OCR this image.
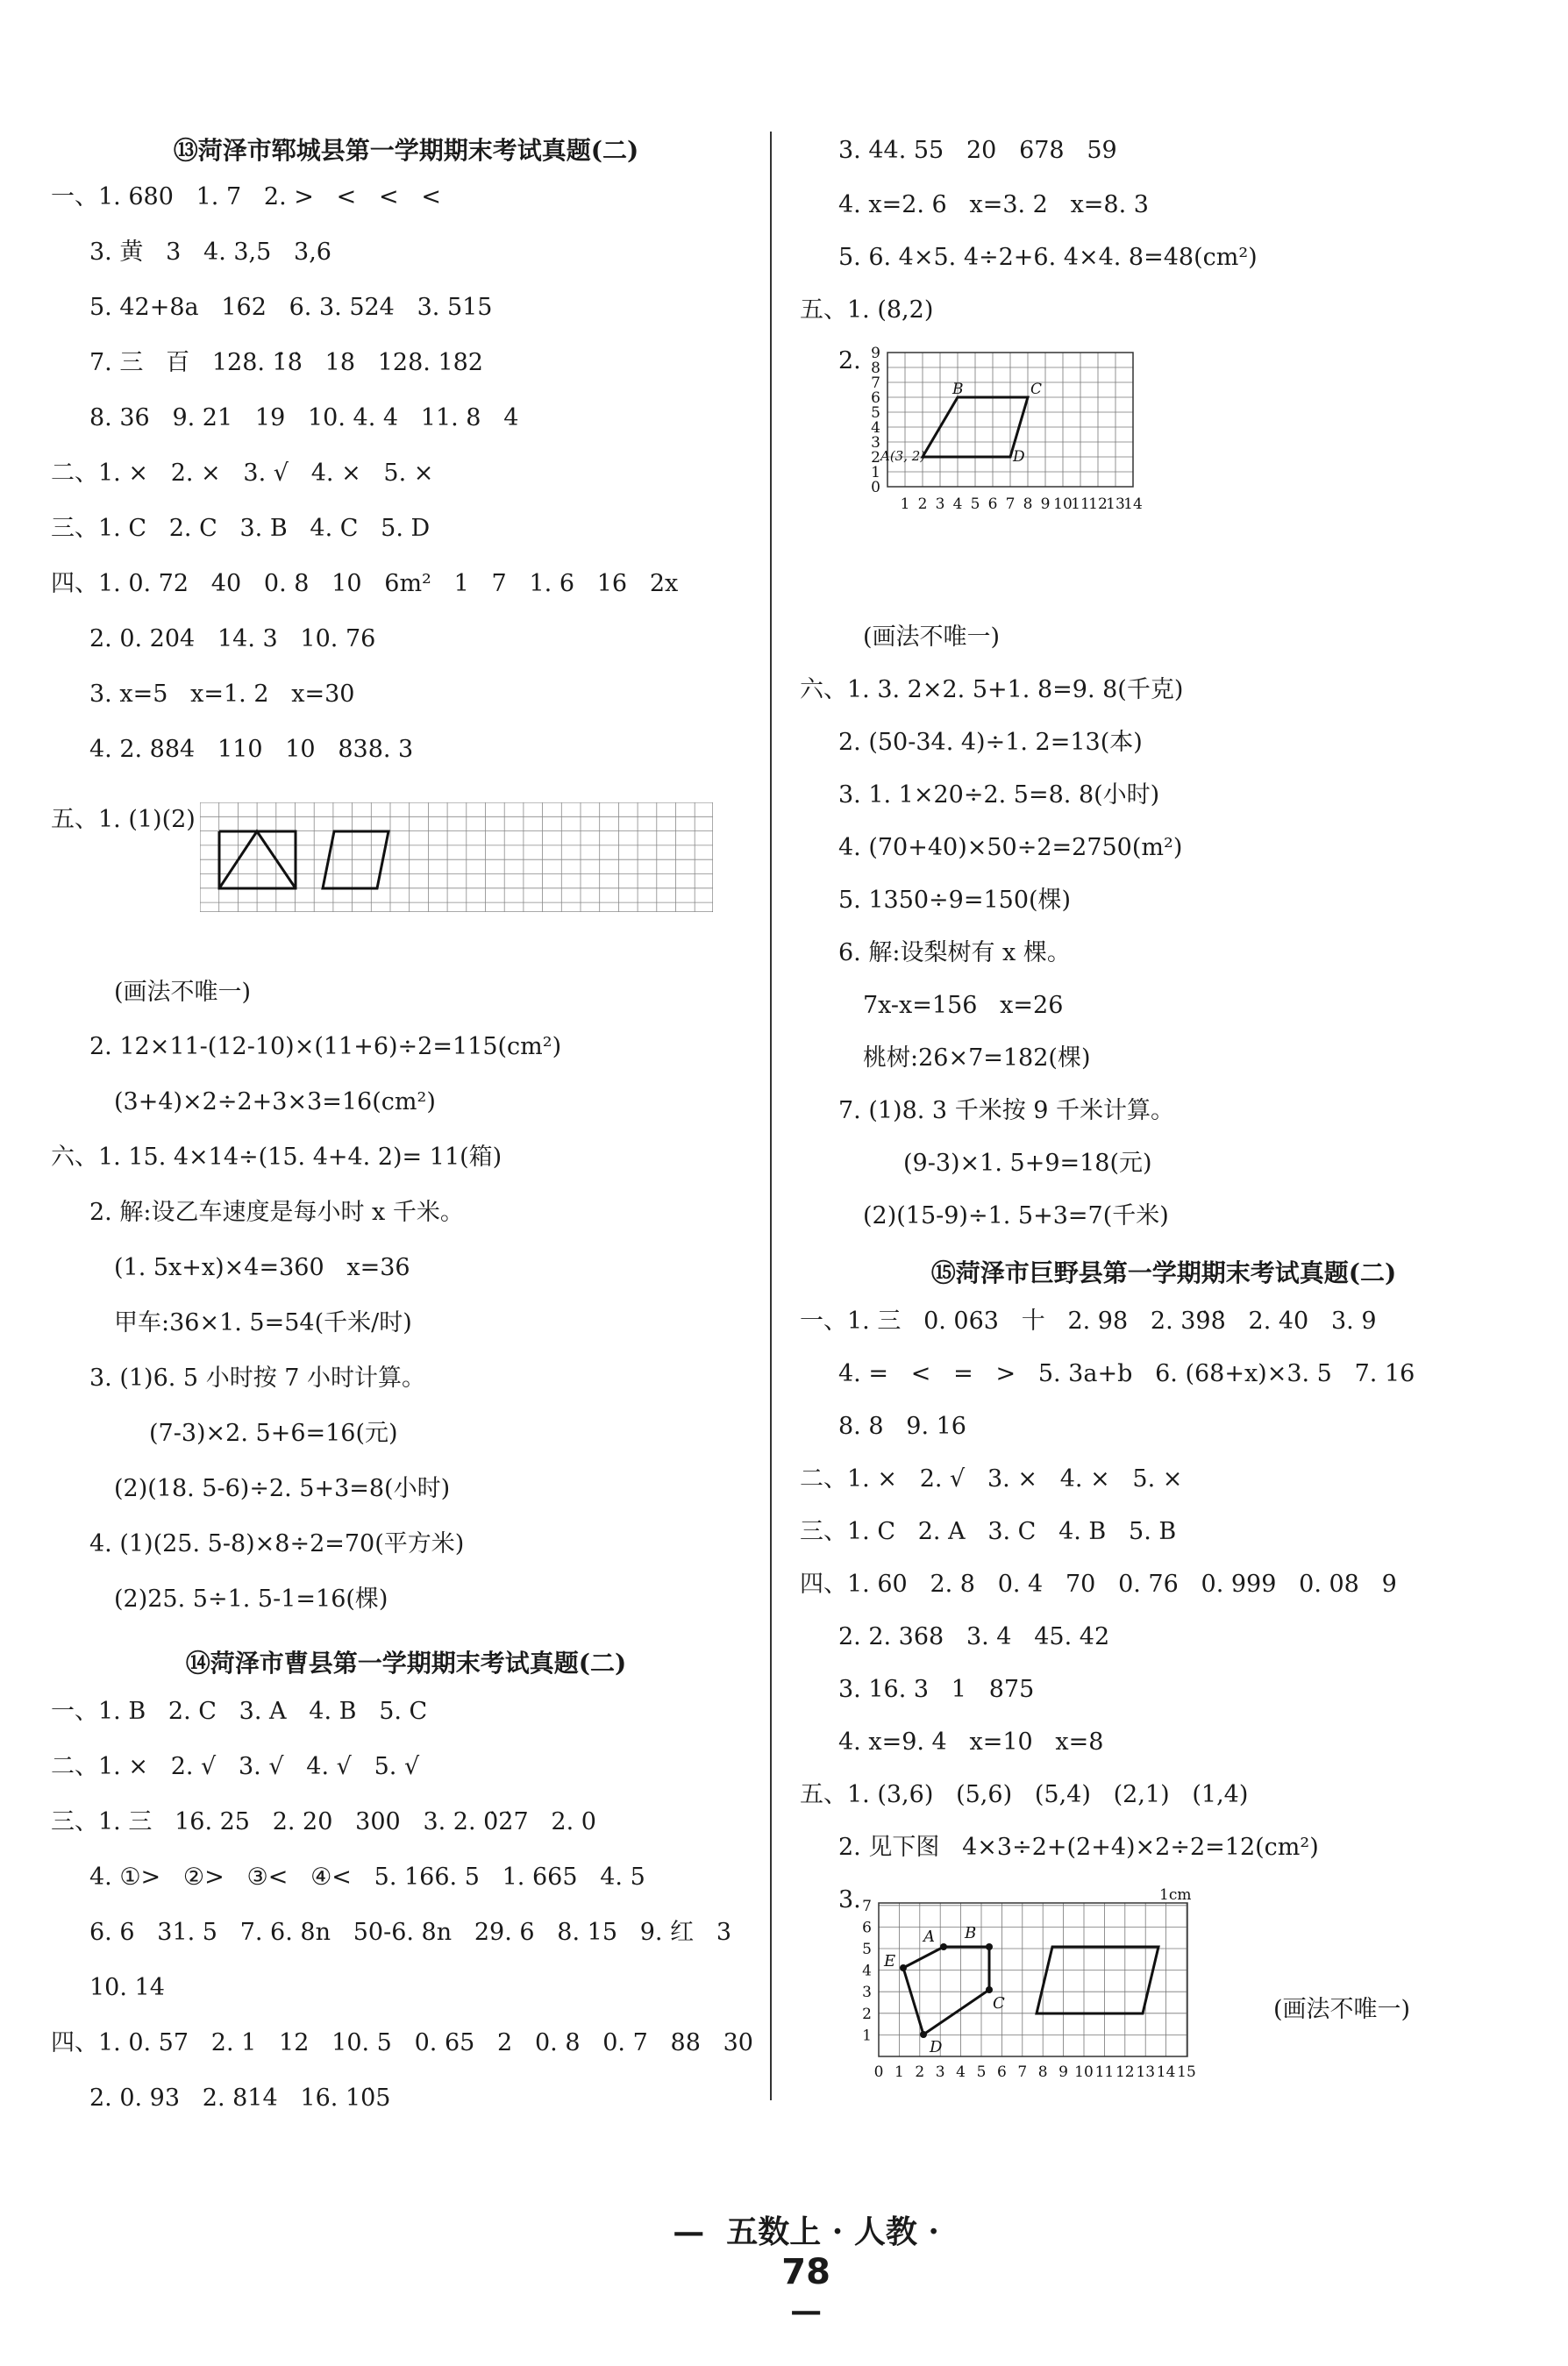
⑬菏泽市郓城县第一学期期末考试真题(二)
一、1. 680   1. 7   2. >   <   <   <
3. 黄   3   4. 3,5   3,6
5. 42+8a   162   6. 3. 524   3. 515
7. 三   百   128. 1̇8̇   18   128. 182
8. 36   9. 21   19   10. 4. 4   11. 8   4
二、1. ×   2. ×   3. √   4. ×   5. ×
三、1. C   2. C   3. B   4. C   5. D
四、1. 0. 72   40   0. 8   10   6m²   1   7   1. 6   16   2x
2. 0. 204   14. 3   10. 76
3. x=5   x=1. 2   x=30
4. 2. 884   110   10   838. 3
五、1. (1)(2)
(画法不唯一)
2. 12×11-(12-10)×(11+6)÷2=115(cm²)
(3+4)×2÷2+3×3=16(cm²)
六、1. 15. 4×14÷(15. 4+4. 2)= 11(箱)
2. 解:设乙车速度是每小时 x 千米。
(1. 5x+x)×4=360   x=36
甲车:36×1. 5=54(千米/时)
3. (1)6. 5 小时按 7 小时计算。
(7-3)×2. 5+6=16(元)
(2)(18. 5-6)÷2. 5+3=8(小时)
4. (1)(25. 5-8)×8÷2=70(平方米)
(2)25. 5÷1. 5-1=16(棵)
⑭菏泽市曹县第一学期期末考试真题(二)
一、1. B   2. C   3. A   4. B   5. C
二、1. ×   2. √   3. √   4. √   5. √
三、1. 三   16. 25   2. 20   300   3. 2. 0̇2̇7   2. 0
4. ①>   ②>   ③<   ④<   5. 166. 5   1. 665   4. 5
6. 6   31. 5   7. 6. 8n   50-6. 8n   29. 6   8. 15   9. 红   3
10. 14
四、1. 0. 57   2. 1   12   10. 5   0. 65   2   0. 8   0. 7   88   30
2. 0. 93   2. 814   16. 10̇5
3. 44. 55   20   678   59
4. x=2. 6   x=3. 2   x=8. 3
5. 6. 4×5. 4÷2+6. 4×4. 8=48(cm²)
五、1. (8,2)
2.
0
1
2
3
4
5
6
7
8
9
1 2 3 4 5 6 7 8 9 10
11
12
13
14
A(3, 2)
B	C
D
(画法不唯一)
六、1. 3. 2×2. 5+1. 8=9. 8(千克)
2. (50-34. 4)÷1. 2=13(本)
3. 1. 1×20÷2. 5=8. 8(小时)
4. (70+40)×50÷2=2750(m²)
5. 1350÷9=150(棵)
6. 解:设梨树有 x 棵。
7x-x=156   x=26
桃树:26×7=182(棵)
7. (1)8. 3 千米按 9 千米计算。
(9-3)×1. 5+9=18(元)
(2)(15-9)÷1. 5+3=7(千米)
⑮菏泽市巨野县第一学期期末考试真题(二)
一、1. 三   0. 063   十   2. 98   2. 39̇8̇   2. 40   3. 9
4. =   <   =   >   5. 3a+b   6. (68+x)×3. 5   7. 16
8. 8   9. 16
二、1. ×   2. √   3. ×   4. ×   5. ×
三、1. C   2. A   3. C   4. B   5. B
四、1. 60   2. 8   0. 4   70   0. 76   0. 999   0. 08   9
2. 2. 368   3. 4   45. 42
3. 16. 3   1   875
4. x=9. 4   x=10   x=8
五、1. (3,6)   (5,6)   (5,4)   (2,1)   (1,4)
2. 见下图   4×3÷2+(2+4)×2÷2=12(cm²)
3.
1
2
3
4
5
6
7
0 1 2 3 4 5 6 7 8 9 10 11 12 13 14 15
A B
C
D
E
1cm
(画法不唯一)

—  五数上 · 人教 ·
78
—
